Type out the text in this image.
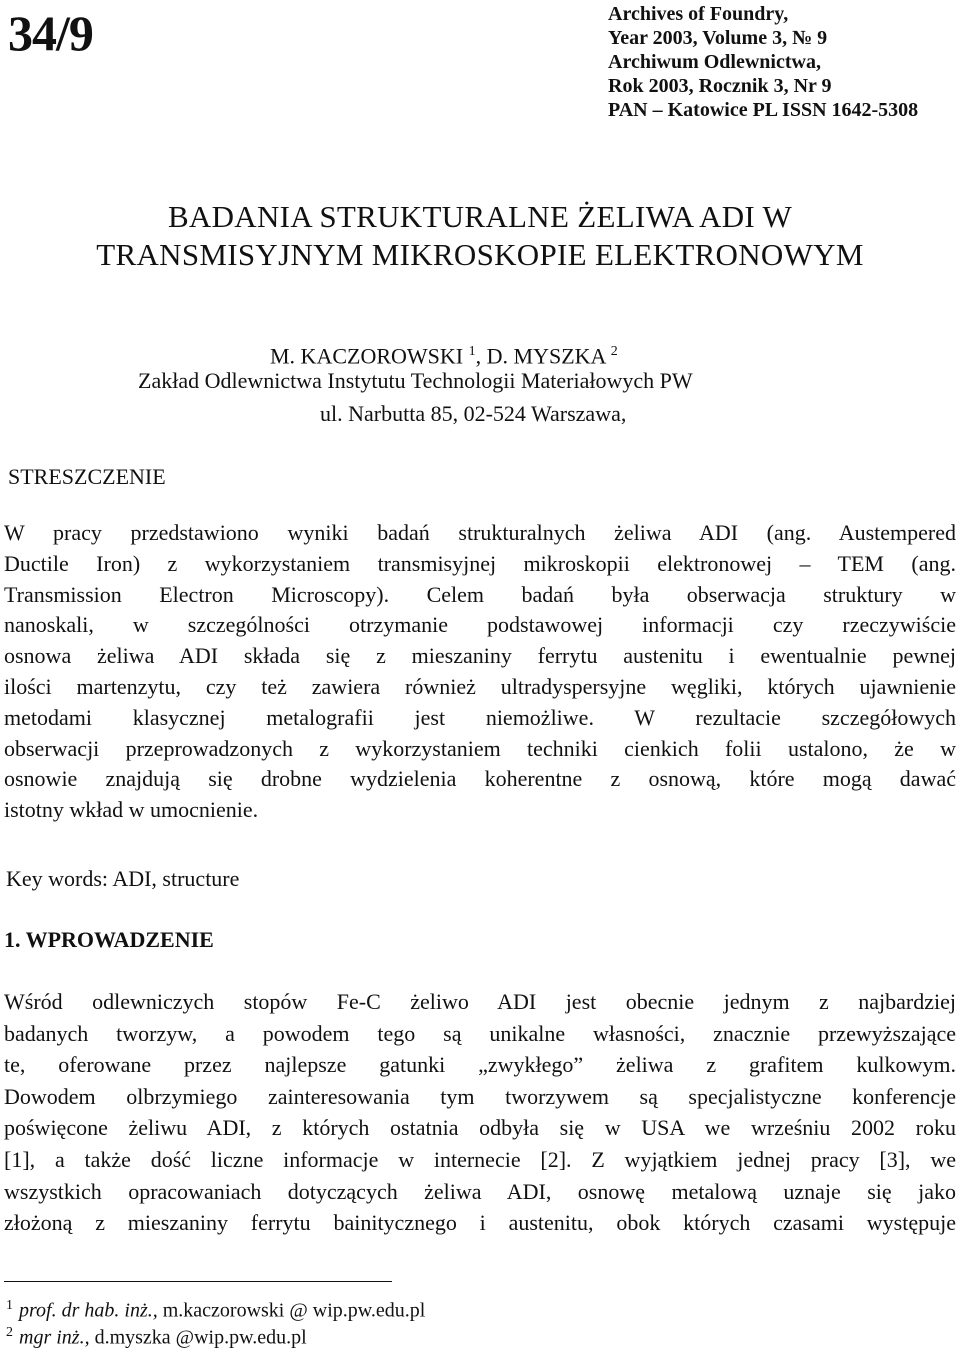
34/9	Archives of Foundry,
Year 2003, Volume 3, № 9
Archiwum Odlewnictwa,
Rok 2003, Rocznik 3, Nr 9
PAN – Katowice PL ISSN 1642-5308
BADANIA STRUKTURALNE ŻELIWA ADI W
TRANSMISYJNYM MIKROSKOPIE ELEKTRONOWYM
M. KACZOROWSKI $^1$, D. MYSZKA $^2$
Zakład Odlewnictwa Instytutu Technologii Materiałowych PW
ul. Narbutta 85, 02-524 Warszawa,
STRESZCZENIE
W pracy przedstawiono wyniki badań strukturalnych żeliwa ADI (ang. Austempered
Ductile Iron) z wykorzystaniem transmisyjnej mikroskopii elektronowej – TEM (ang.
Transmission Electron Microscopy). Celem badań była obserwacja struktury w
nanoskali, w szczególności otrzymanie podstawowej informacji czy rzeczywiście
osnowa żeliwa ADI składa się z mieszaniny ferrytu austenitu i ewentualnie pewnej
ilości martenzytu, czy też zawiera również ultradyspersyjne węgliki, których ujawnienie
metodami klasycznej metalografii jest niemożliwe. W rezultacie szczegółowych
obserwacji przeprowadzonych z wykorzystaniem techniki cienkich folii ustalono, że w
osnowie znajdują się drobne wydzielenia koherentne z osnową, które mogą dawać
istotny wkład w umocnienie.
Key words: ADI, structure
1. WPROWADZENIE
Wśród odlewniczych stopów Fe-C żeliwo ADI jest obecnie jednym z najbardziej
badanych tworzyw, a powodem tego są unikalne własności, znacznie przewyższające
te, oferowane przez najlepsze gatunki „zwykłego” żeliwa z grafitem kulkowym.
Dowodem olbrzymiego zainteresowania tym tworzywem są specjalistyczne konferencje
poświęcone żeliwu ADI, z których ostatnia odbyła się w USA we wrześniu 2002 roku
[1], a także dość liczne informacje w internecie [2]. Z wyjątkiem jednej pracy [3], we
wszystkich opracowaniach dotyczących żeliwa ADI, osnowę metalową uznaje się jako
złożoną z mieszaniny ferrytu bainitycznego i austenitu, obok których czasami występuje
$^1$ prof. dr hab. inż., m.kaczorowski @ wip.pw.edu.pl
$^2$ mgr inż., d.myszka @wip.pw.edu.pl
